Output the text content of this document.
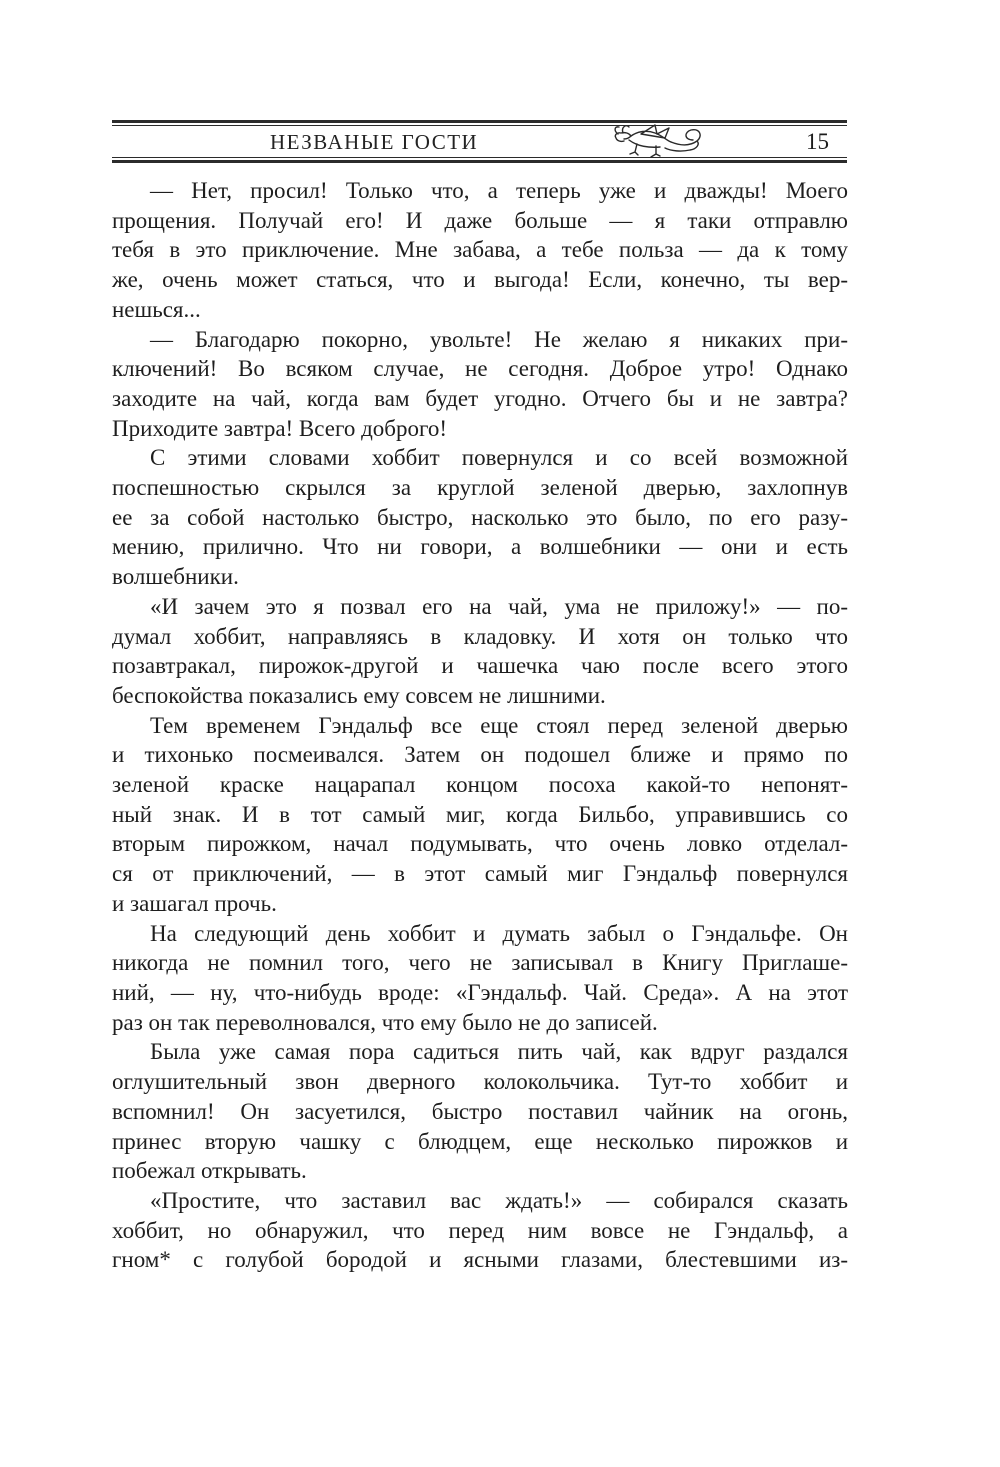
НЕЗВАНЫЕ ГОСТИ	15
— Нет, просил! Только что, а теперь уже и дважды! Моего
прощения. Получай его! И даже больше — я таки отправлю
тебя в это приключение. Мне забава, а тебе польза — да к тому
же, очень может статься, что и выгода! Если, конечно, ты вер-
нешься...
— Благодарю покорно, увольте! Не желаю я никаких при-
ключений! Во всяком случае, не сегодня. Доброе утро! Однако
заходите на чай, когда вам будет угодно. Отчего бы и не завтра?
Приходите завтра! Всего доброго!
С этими словами хоббит повернулся и со всей возможной
поспешностью скрылся за круглой зеленой дверью, захлопнув
ее за собой настолько быстро, насколько это было, по его разу-
мению, прилично. Что ни говори, а волшебники — они и есть
волшебники.
«И зачем это я позвал его на чай, ума не приложу!» — по-
думал хоббит, направляясь в кладовку. И хотя он только что
позавтракал, пирожок-другой и чашечка чаю после всего этого
беспокойства показались ему совсем не лишними.
Тем временем Гэндальф все еще стоял перед зеленой дверью
и тихонько посмеивался. Затем он подошел ближе и прямо по
зеленой краске нацарапал концом посоха какой-то непонят-
ный знак. И в тот самый миг, когда Бильбо, управившись со
вторым пирожком, начал подумывать, что очень ловко отделал-
ся от приключений, — в этот самый миг Гэндальф повернулся
и зашагал прочь.
На следующий день хоббит и думать забыл о Гэндальфе. Он
никогда не помнил того, чего не записывал в Книгу Приглаше-
ний, — ну, что-нибудь вроде: «Гэндальф. Чай. Среда». А на этот
раз он так переволновался, что ему было не до записей.
Была уже самая пора садиться пить чай, как вдруг раздался
оглушительный звон дверного колокольчика. Тут-то хоббит и
вспомнил! Он засуетился, быстро поставил чайник на огонь,
принес вторую чашку с блюдцем, еще несколько пирожков и
побежал открывать.
«Простите, что заставил вас ждать!» — собирался сказать
хоббит, но обнаружил, что перед ним вовсе не Гэндальф, а
гном* с голубой бородой и ясными глазами, блестевшими из-
